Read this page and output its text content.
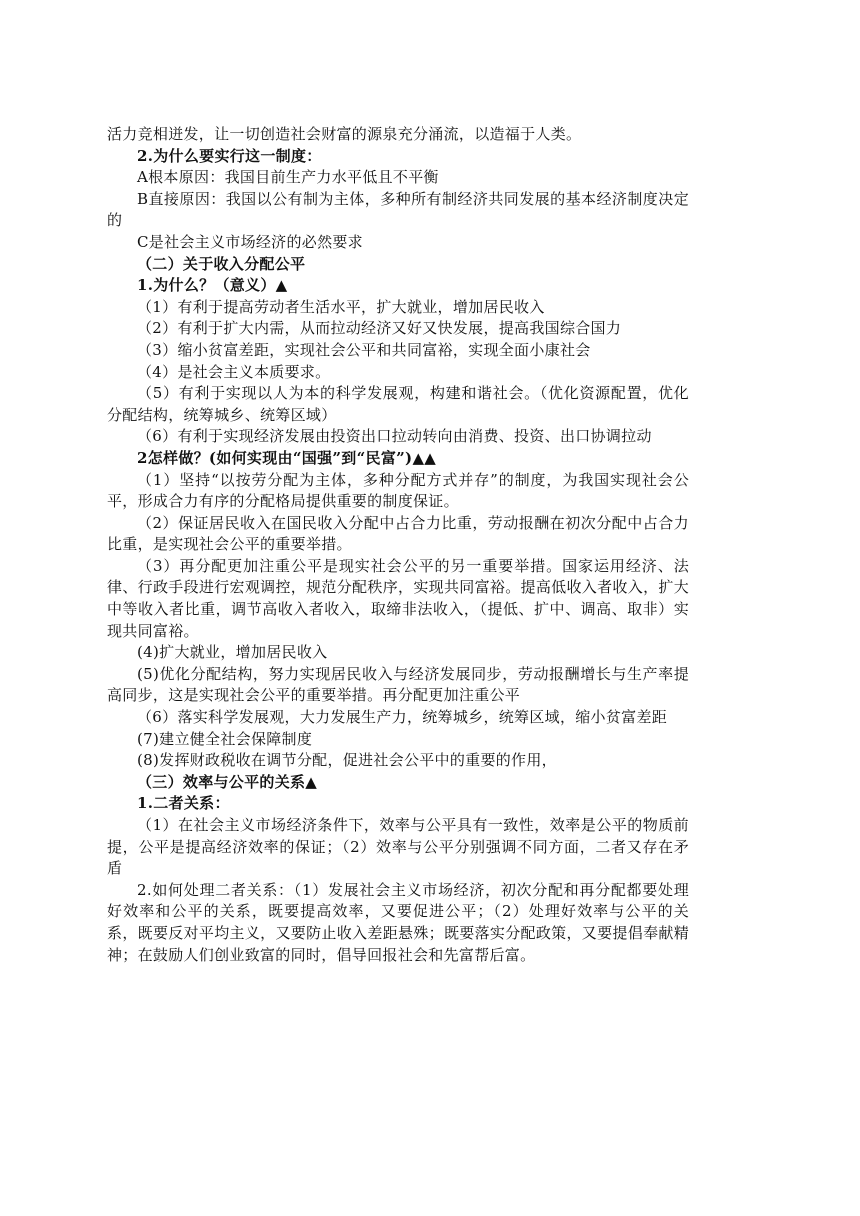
活力竞相迸发，让一切创造社会财富的源泉充分涌流，以造福于人类。

2.为什么要实行这一制度：

A根本原因：我国目前生产力水平低且不平衡

B直接原因：我国以公有制为主体，多种所有制经济共同发展的基本经济制度决定的

C是社会主义市场经济的必然要求

（二）关于收入分配公平

1.为什么？（意义）▲

（1）有利于提高劳动者生活水平，扩大就业，增加居民收入

（2）有利于扩大内需，从而拉动经济又好又快发展，提高我国综合国力

（3）缩小贫富差距，实现社会公平和共同富裕，实现全面小康社会

（4）是社会主义本质要求。

（5）有利于实现以人为本的科学发展观，构建和谐社会。（优化资源配置，优化分配结构，统筹城乡、统筹区域）

（6）有利于实现经济发展由投资出口拉动转向由消费、投资、出口协调拉动

2怎样做？(如何实现由“国强”到“民富”)▲▲

（1）坚持“以按劳分配为主体，多种分配方式并存”的制度，为我国实现社会公平，形成合力有序的分配格局提供重要的制度保证。

（2）保证居民收入在国民收入分配中占合力比重，劳动报酬在初次分配中占合力比重，是实现社会公平的重要举措。

（3）再分配更加注重公平是现实社会公平的另一重要举措。国家运用经济、法律、行政手段进行宏观调控，规范分配秩序，实现共同富裕。提高低收入者收入，扩大中等收入者比重，调节高收入者收入，取缔非法收入，（提低、扩中、调高、取非）实现共同富裕。

(4)扩大就业，增加居民收入

(5)优化分配结构，努力实现居民收入与经济发展同步，劳动报酬增长与生产率提高同步，这是实现社会公平的重要举措。再分配更加注重公平

（6）落实科学发展观，大力发展生产力，统筹城乡，统筹区域，缩小贫富差距

(7)建立健全社会保障制度

(8)发挥财政税收在调节分配，促进社会公平中的重要的作用，

（三）效率与公平的关系▲

1.二者关系：

（1）在社会主义市场经济条件下，效率与公平具有一致性，效率是公平的物质前提，公平是提高经济效率的保证；（2）效率与公平分别强调不同方面，二者又存在矛盾

2.如何处理二者关系：（1）发展社会主义市场经济，初次分配和再分配都要处理好效率和公平的关系，既要提高效率，又要促进公平；（2）处理好效率与公平的关系，既要反对平均主义，又要防止收入差距悬殊；既要落实分配政策，又要提倡奉献精神；在鼓励人们创业致富的同时，倡导回报社会和先富帮后富。
